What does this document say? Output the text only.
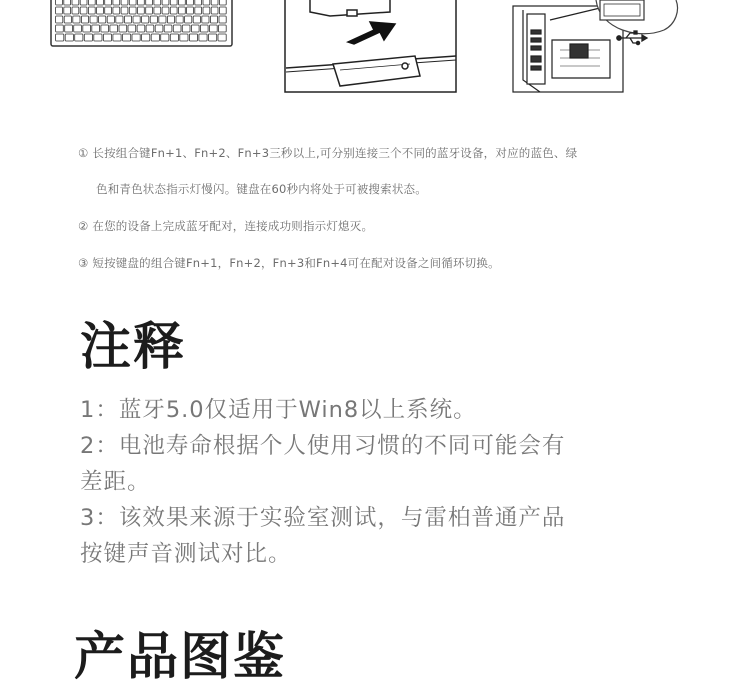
① 长按组合键Fn+1、Fn+2、Fn+3三秒以上,可分别连接三个不同的蓝牙设备，对应的蓝色、绿
色和青色状态指示灯慢闪。键盘在60秒内将处于可被搜索状态。
② 在您的设备上完成蓝牙配对，连接成功则指示灯熄灭。
③ 短按键盘的组合键Fn+1，Fn+2，Fn+3和Fn+4可在配对设备之间循环切换。
注释
1：蓝牙5.0仅适用于Win8以上系统。
2：电池寿命根据个人使用习惯的不同可能会有
差距。
3：该效果来源于实验室测试，与雷柏普通产品
按键声音测试对比。
产品图鉴
